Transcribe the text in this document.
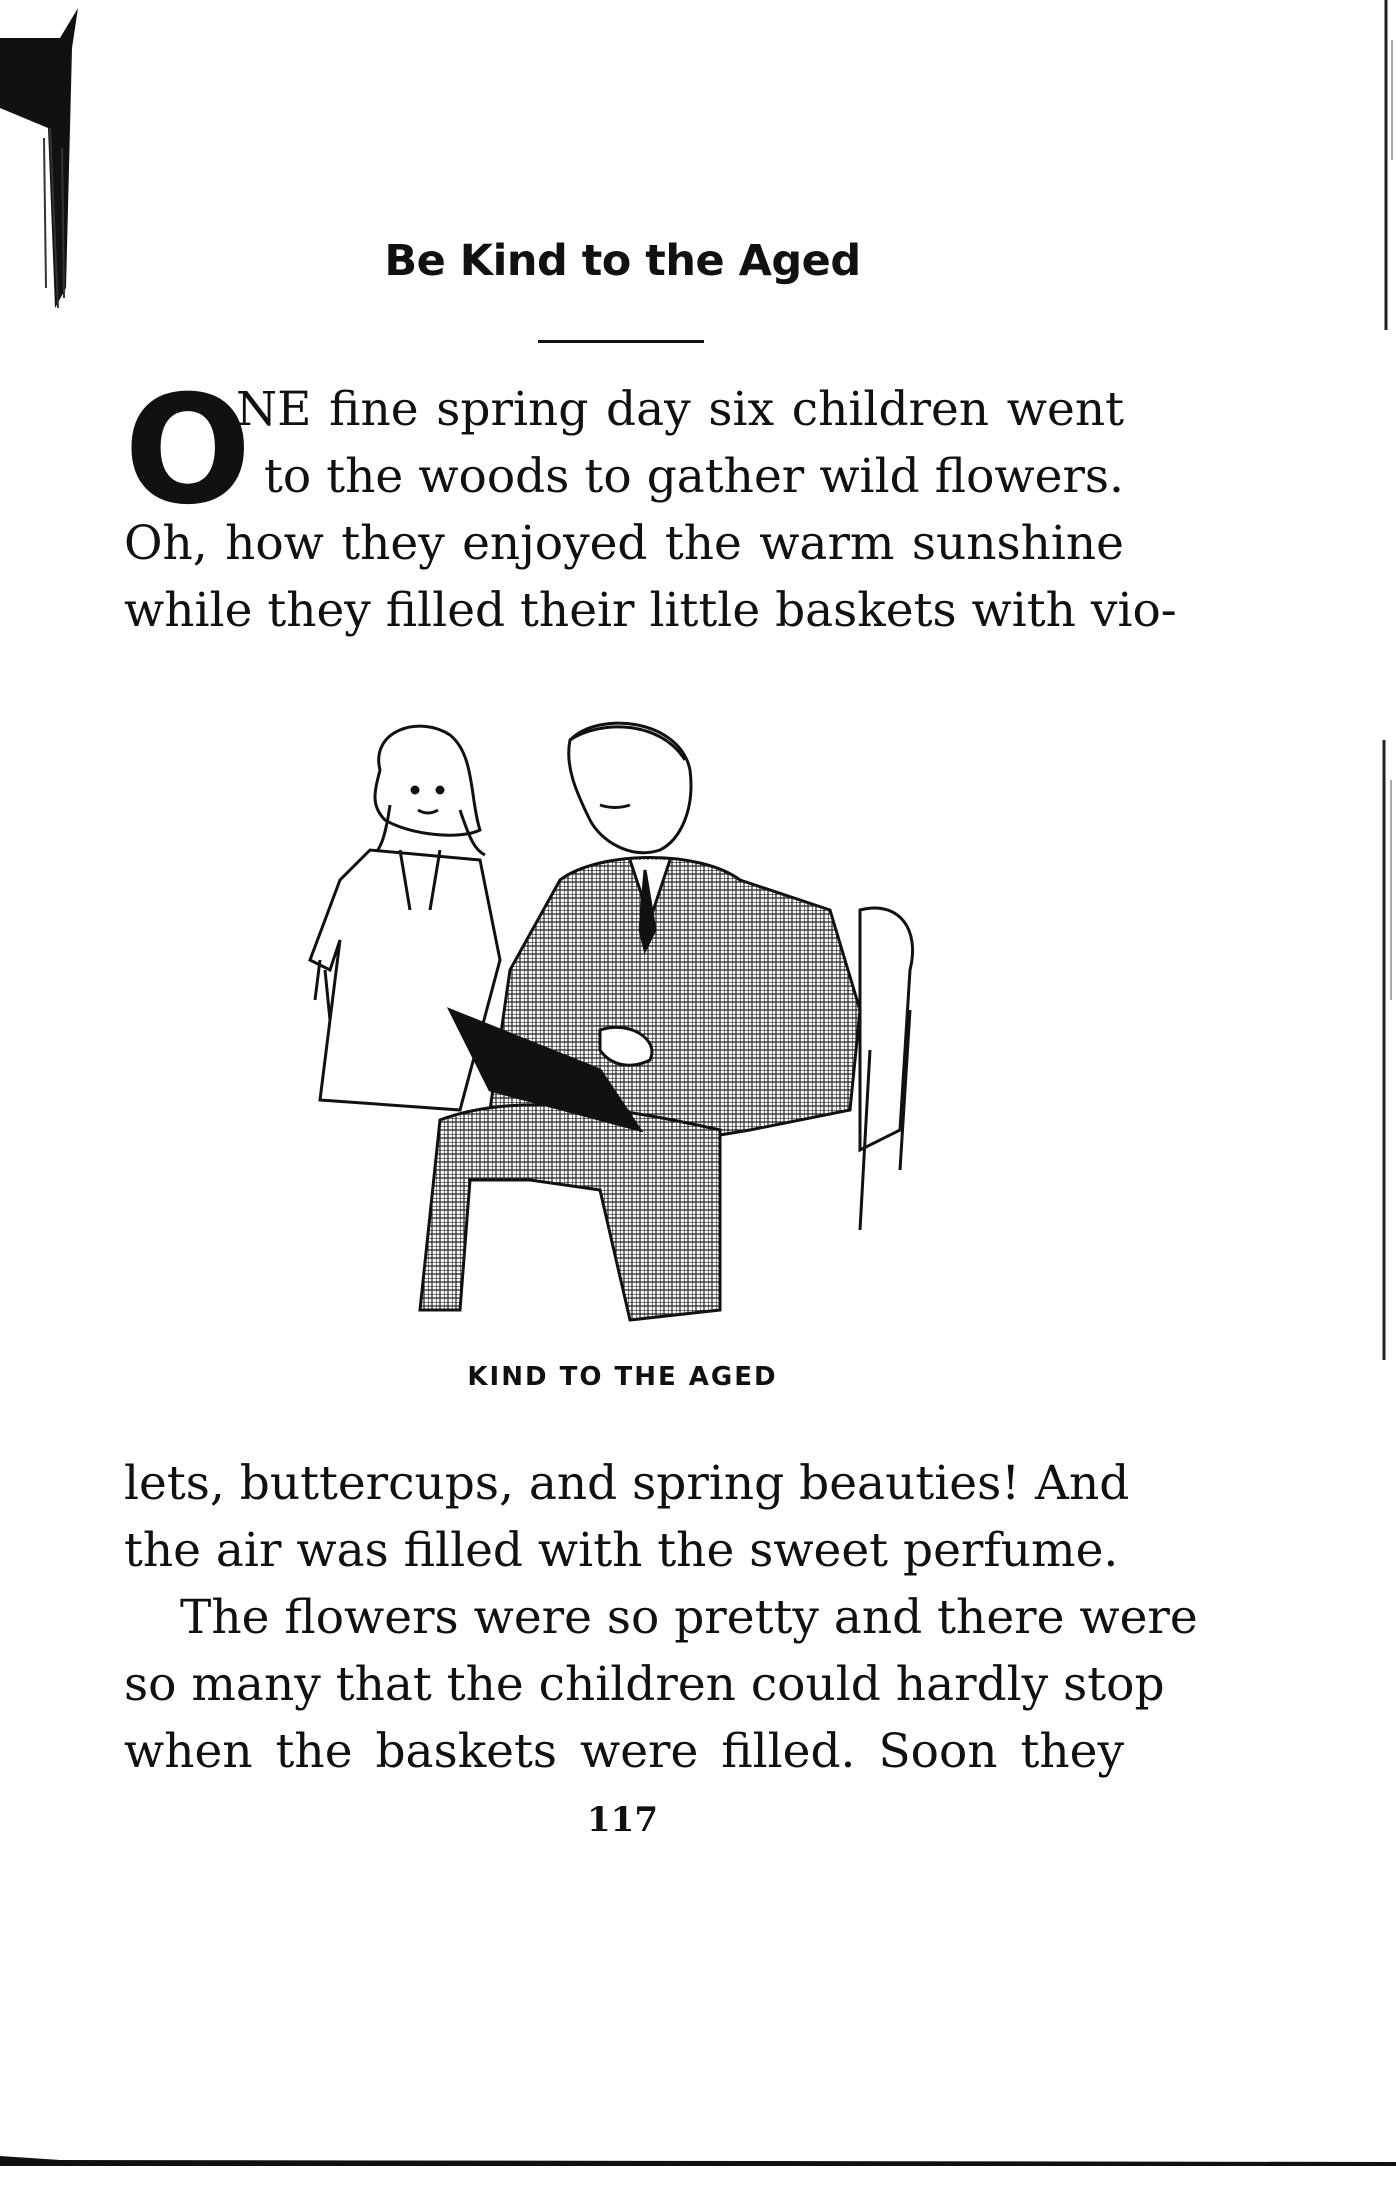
Be Kind to the Aged
O
NE fine spring day six children went
to the woods to gather wild flowers.
Oh, how they enjoyed the warm sunshine
while they filled their little baskets with vio-
KIND TO THE AGED
lets, buttercups, and spring beauties! And
the air was filled with the sweet perfume.
The flowers were so pretty and there were
so many that the children could hardly stop
when the baskets were filled. Soon they
117
